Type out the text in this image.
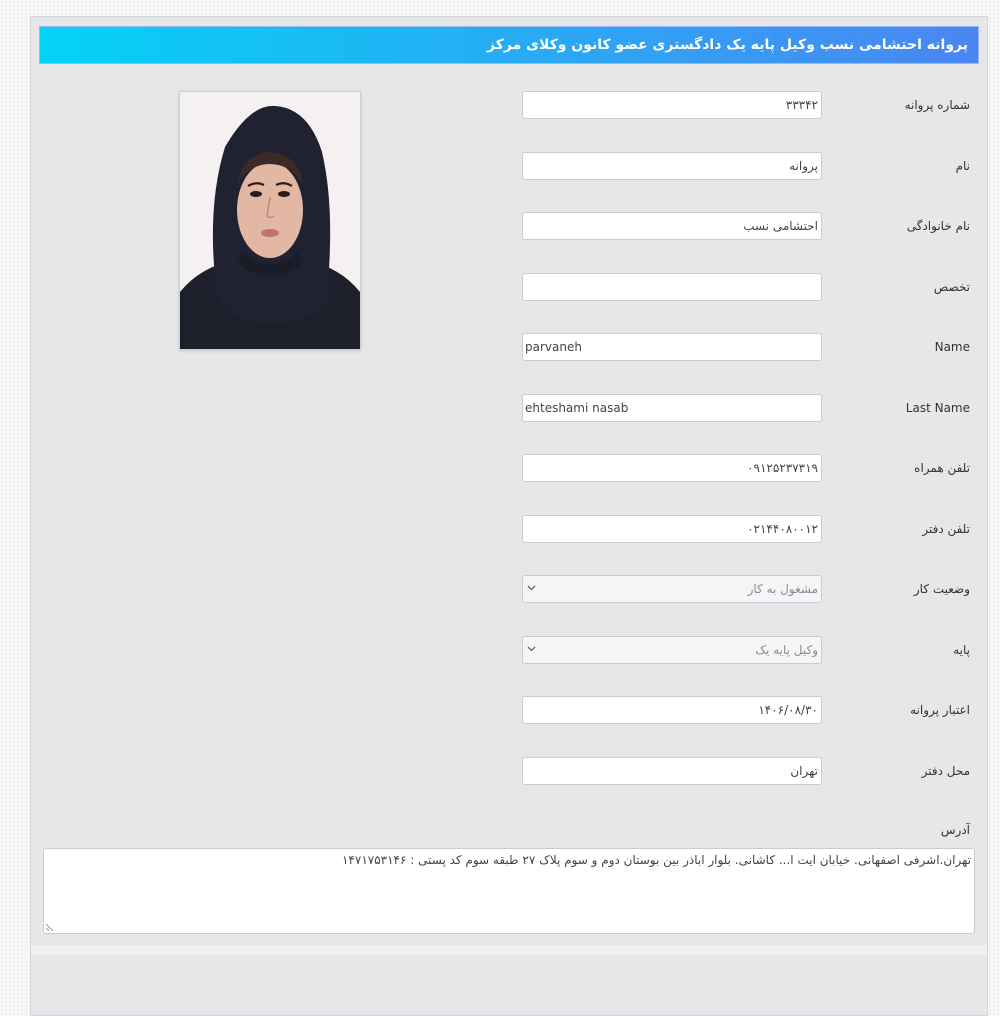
پروانه احتشامی نسب وکیل پایه یک دادگستری عضو کانون وکلای مرکز
آدرس
تهران.اشرفی اصفهانی. خیابان ایت ا... کاشانی. بلوار اباذر بین بوستان دوم و سوم پلاک ۲۷ طبقه سوم کد پستی : ۱۴۷۱۷۵۳۱۴۶
شماره پروانه
۳۳۳۴۲
نام
پروانه
نام خانوادگی
احتشامی نسب
تخصص
Name
parvaneh
Last Name
ehteshami nasab
تلفن همراه
۰۹۱۲۵۲۳۷۳۱۹
تلفن دفتر
۰۲۱۴۴۰۸۰۰۱۲
وضعیت کار
مشغول به کار
پایه
وکیل پایه یک
اعتبار پروانه
۱۴۰۶/۰۸/۳۰
محل دفتر
تهران
